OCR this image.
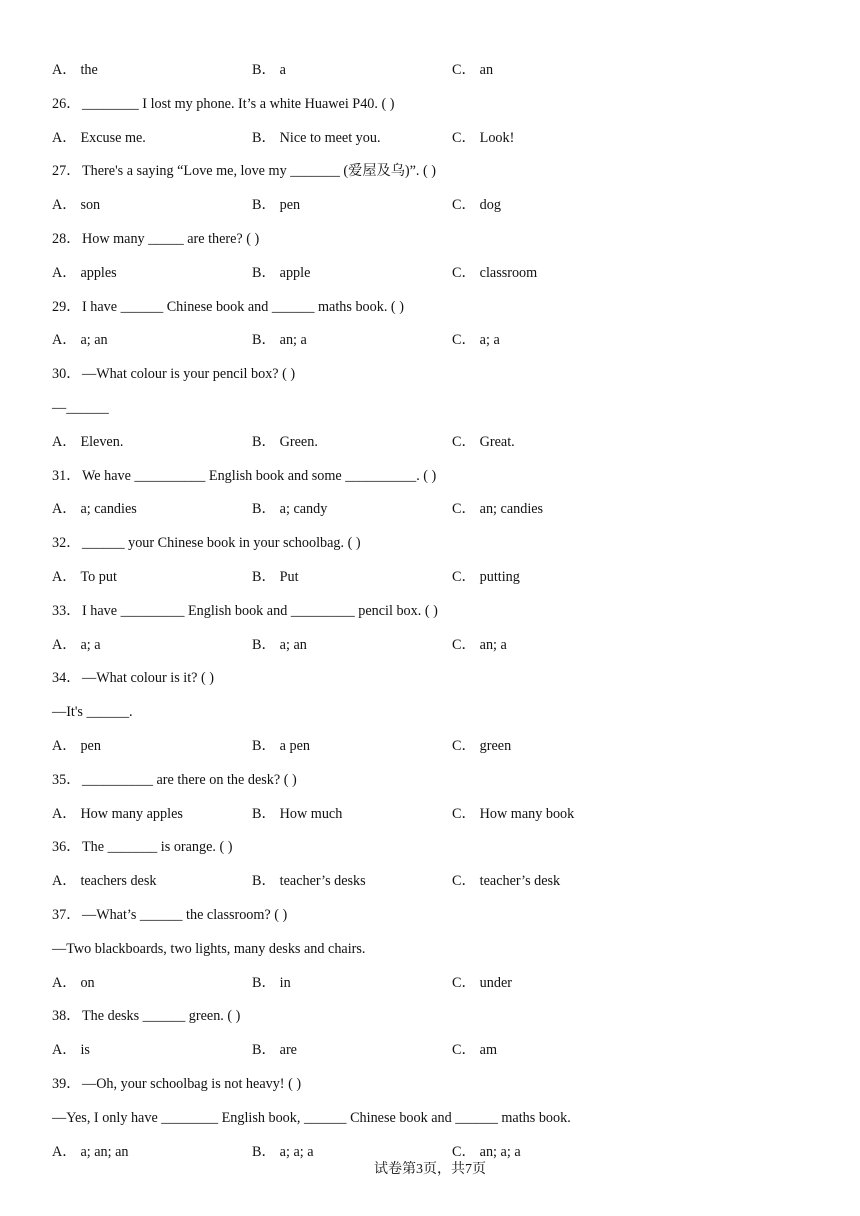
试卷第3页，共7页
A． the	B． a	C． an
26． ________ I lost my phone. It’s a white Huawei P40. ( )
A． Excuse me.	B． Nice to meet you.	C． Look!
27． There's a saying “Love me, love my _______ (爱屋及乌)”. ( )
A． son	B． pen	C． dog
28． How many _____ are there? ( )
A． apples	B． apple	C． classroom
29． I have ______ Chinese book and ______ maths book. ( )
A． a; an	B． an; a	C． a; a
30． —What colour is your pencil box? ( )
—______
A． Eleven.	B． Green.	C． Great.
31． We have __________ English book and some __________. ( )
A． a; candies	B． a; candy	C． an; candies
32． ______ your Chinese book in your schoolbag. ( )
A． To put	B． Put	C． putting
33． I have _________ English book and _________ pencil box. ( )
A． a; a	B． a; an	C． an; a
34． —What colour is it? ( )
—It's ______.
A． pen	B． a pen	C． green
35． __________ are there on the desk? ( )
A． How many apples	B． How much	C． How many book
36． The _______ is orange. ( )
A． teachers desk	B． teacher’s desks	C． teacher’s desk
37． —What’s ______ the classroom? ( )
—Two blackboards, two lights, many desks and chairs.
A． on	B． in	C． under
38． The desks ______ green. ( )
A． is	B． are	C． am
39． —Oh, your schoolbag is not heavy! ( )
—Yes, I only have ________ English book, ______ Chinese book and ______ maths book.
A． a; an; an	B． a; a; a	C． an; a; a
